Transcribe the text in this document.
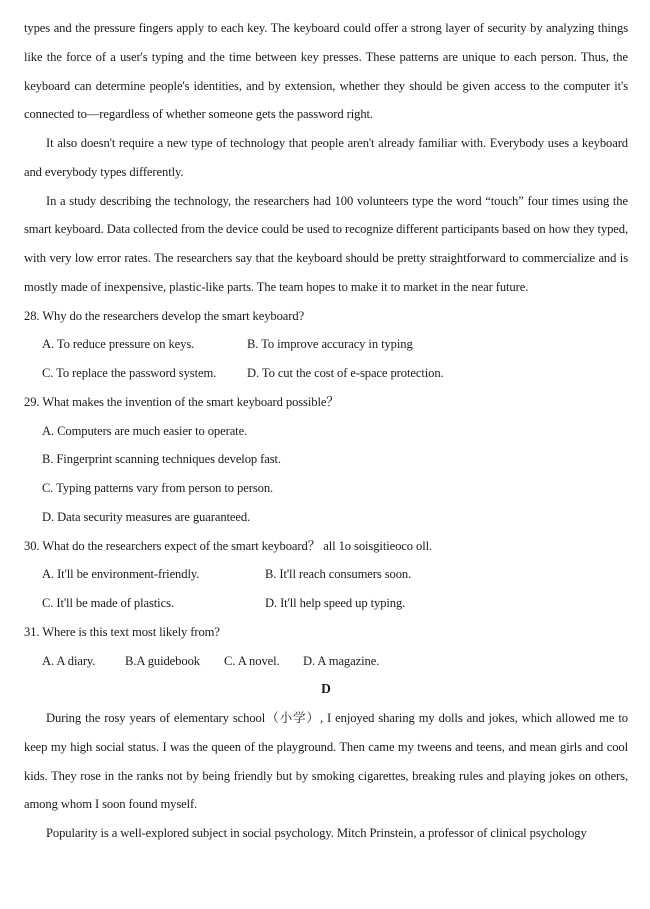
types and the pressure fingers apply to each key. The keyboard could offer a strong layer of security by analyzing things like the force of a user's typing and the time between key presses. These patterns are unique to each person. Thus, the keyboard can determine people's identities, and by extension, whether they should be given access to the computer it's connected to—regardless of whether someone gets the password right.

It also doesn't require a new type of technology that people aren't already familiar with. Everybody uses a keyboard and everybody types differently.

In a study describing the technology, the researchers had 100 volunteers type the word “touch” four times using the smart keyboard. Data collected from the device could be used to recognize different participants based on how they typed, with very low error rates. The researchers say that the keyboard should be pretty straightforward to commercialize and is mostly made of inexpensive, plastic-like parts. The team hopes to make it to market in the near future.

28. Why do the researchers develop the smart keyboard?
A. To reduce pressure on keys.	B. To improve accuracy in typing
C. To replace the password system. D. To cut the cost of e-space protection.
29. What makes the invention of the smart keyboard possible？
A. Computers are much easier to operate.
B. Fingerprint scanning techniques develop fast.
C. Typing patterns vary from person to person.
D. Data security measures are guaranteed.
30. What do the researchers expect of the smart keyboard？ all 1o soisgitieoco oll.
A. It'll be environment-friendly.	B. It'll reach consumers soon.
C. It'll be made of plastics.	D. It'll help speed up typing.
31. Where is this text most likely from?
A. A diary. B.A guidebook C. A novel. D. A magazine.
D

During the rosy years of elementary school（小学）, I enjoyed sharing my dolls and jokes, which allowed me to keep my high social status. I was the queen of the playground. Then came my tweens and teens, and mean girls and cool kids. They rose in the ranks not by being friendly but by smoking cigarettes, breaking rules and playing jokes on others, among whom I soon found myself.

Popularity is a well-explored subject in social psychology. Mitch Prinstein, a professor of clinical psychology
